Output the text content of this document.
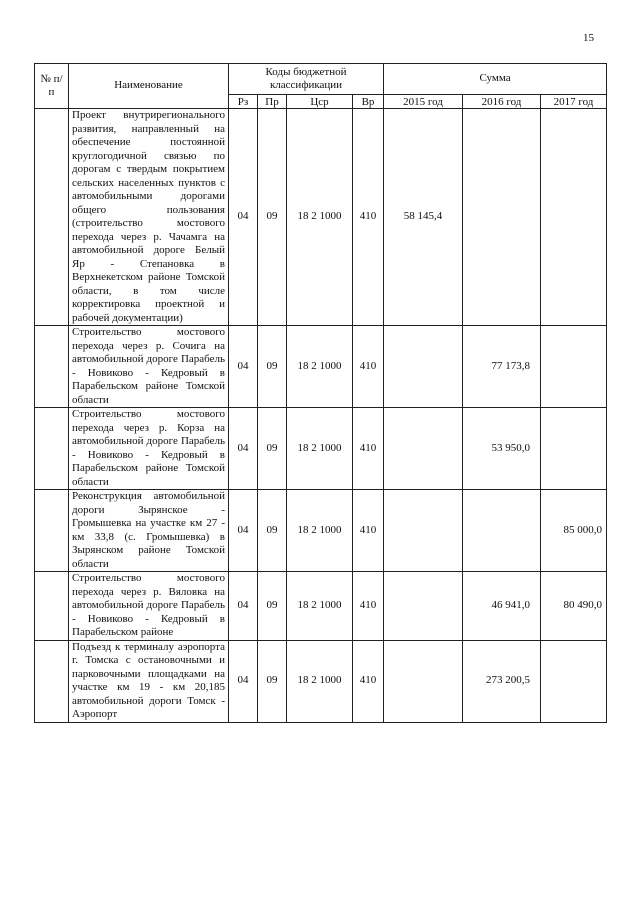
15
№ п/п	Наименование	Коды бюджетной классификации				Сумма		
		Рз	Пр	Цср	Вр	2015 год	2016 год	2017 год
	Проект внутрирегионального развития, направленный на обеспечение постоянной круглогодичной связью по дорогам с твердым покрытием сельских населенных пунктов с автомобильными дорогами общего пользования (строительство мостового перехода через р. Чачамга на автомобильной дороге Белый Яр - Степановка в Верхнекетском районе Томской области, в том числе корректировка проектной и рабочей документации)	04	09	18 2 1000	410	58 145,4		
	Строительство мостового перехода через р. Сочига на автомобильной дороге Парабель - Новиково - Кедровый в Парабельском районе Томской области	04	09	18 2 1000	410		77 173,8	
	Строительство мостового перехода через р. Корза на автомобильной дороге Парабель - Новиково - Кедровый в Парабельском районе Томской области	04	09	18 2 1000	410		53 950,0	
	Реконструкция автомобильной дороги Зырянское - Громышевка на участке км 27 - км 33,8 (с. Громышевка) в Зырянском районе Томской области	04	09	18 2 1000	410			85 000,0
	Строительство мостового перехода через р. Вяловка на автомобильной дороге Парабель - Новиково - Кедровый в Парабельском районе	04	09	18 2 1000	410		46 941,0	80 490,0
	Подъезд к терминалу аэропорта г. Томска с остановочными и парковочными площадками на участке км 19 - км 20,185 автомобильной дороги Томск - Аэропорт	04	09	18 2 1000	410		273 200,5	
